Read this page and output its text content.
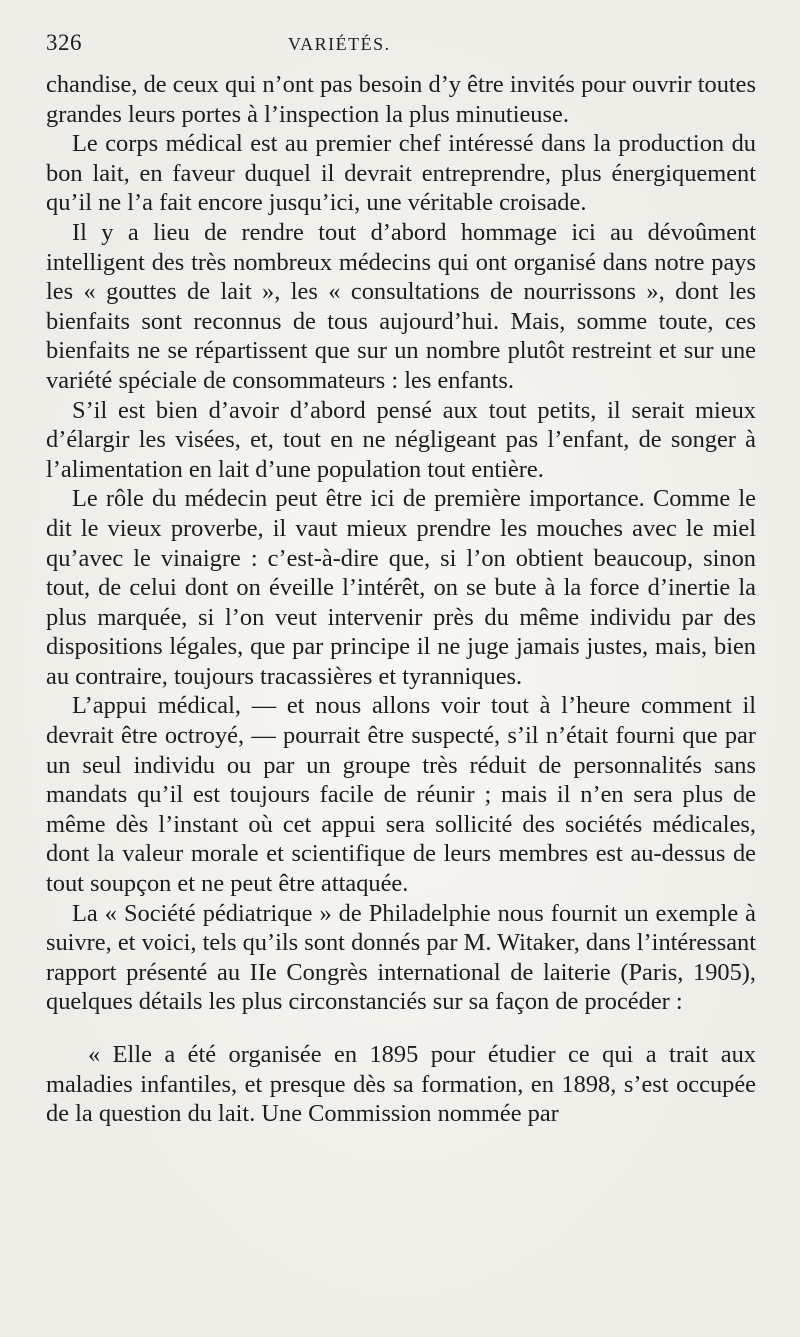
326	VARIÉTÉS.

chandise, de ceux qui n’ont pas besoin d’y être invités pour ouvrir toutes grandes leurs portes à l’inspection la plus minutieuse.

Le corps médical est au premier chef intéressé dans la production du bon lait, en faveur duquel il devrait entreprendre, plus énergiquement qu’il ne l’a fait encore jusqu’ici, une véritable croisade.

Il y a lieu de rendre tout d’abord hommage ici au dévoûment intelligent des très nombreux médecins qui ont organisé dans notre pays les « gouttes de lait », les « consultations de nourrissons », dont les bienfaits sont reconnus de tous aujourd’hui. Mais, somme toute, ces bienfaits ne se répartissent que sur un nombre plutôt restreint et sur une variété spéciale de consommateurs : les enfants.

S’il est bien d’avoir d’abord pensé aux tout petits, il serait mieux d’élargir les visées, et, tout en ne négligeant pas l’enfant, de songer à l’alimentation en lait d’une population tout entière.

Le rôle du médecin peut être ici de première importance. Comme le dit le vieux proverbe, il vaut mieux prendre les mouches avec le miel qu’avec le vinaigre : c’est-à-dire que, si l’on obtient beaucoup, sinon tout, de celui dont on éveille l’intérêt, on se bute à la force d’inertie la plus marquée, si l’on veut intervenir près du même individu par des dispositions légales, que par principe il ne juge jamais justes, mais, bien au contraire, toujours tracassières et tyranniques.

L’appui médical, — et nous allons voir tout à l’heure comment il devrait être octroyé, — pourrait être suspecté, s’il n’était fourni que par un seul individu ou par un groupe très réduit de personnalités sans mandats qu’il est toujours facile de réunir ; mais il n’en sera plus de même dès l’instant où cet appui sera sollicité des sociétés médicales, dont la valeur morale et scientifique de leurs membres est au-dessus de tout soupçon et ne peut être attaquée.

La « Société pédiatrique » de Philadelphie nous fournit un exemple à suivre, et voici, tels qu’ils sont donnés par M. Witaker, dans l’intéressant rapport présenté au IIe Congrès international de laiterie (Paris, 1905), quelques détails les plus circonstanciés sur sa façon de procéder :

« Elle a été organisée en 1895 pour étudier ce qui a trait aux maladies infantiles, et presque dès sa formation, en 1898, s’est occupée de la question du lait. Une Commission nommée par
